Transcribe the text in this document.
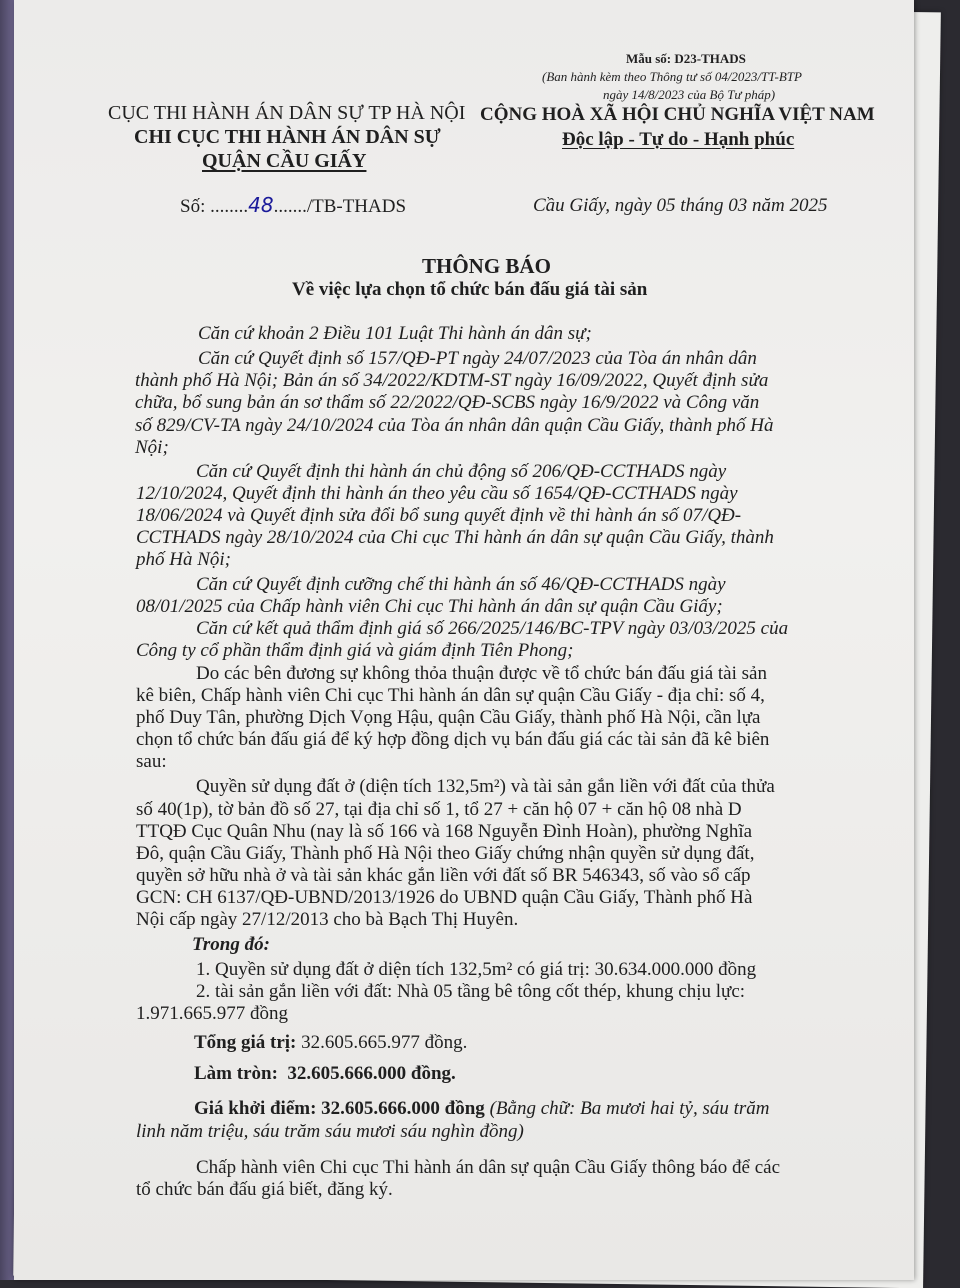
Mẫu số: D23-THADS
(Ban hành kèm theo Thông tư số 04/2023/TT-BTP
ngày 14/8/2023 của Bộ Tư pháp)
CỤC THI HÀNH ÁN DÂN SỰ TP HÀ NỘI
CHI CỤC THI HÀNH ÁN DÂN SỰ
QUẬN CẦU GIẤY
CỘNG HOÀ XÃ HỘI CHỦ NGHĨA VIỆT NAM
Độc lập - Tự do - Hạnh phúc
Số: ........48......./TB-THADS	Cầu Giấy, ngày 05 tháng 03 năm 2025
THÔNG BÁO
Về việc lựa chọn tổ chức bán đấu giá tài sản
Căn cứ khoản 2 Điều 101 Luật Thi hành án dân sự;
Căn cứ Quyết định số 157/QĐ-PT ngày 24/07/2023 của Tòa án nhân dân
thành phố Hà Nội; Bản án số 34/2022/KDTM-ST ngày 16/09/2022, Quyết định sửa
chữa, bổ sung bản án sơ thẩm số 22/2022/QĐ-SCBS ngày 16/9/2022 và Công văn
số 829/CV-TA ngày 24/10/2024 của Tòa án nhân dân quận Cầu Giấy, thành phố Hà
Nội;
Căn cứ Quyết định thi hành án chủ động số 206/QĐ-CCTHADS ngày
12/10/2024, Quyết định thi hành án theo yêu cầu số 1654/QĐ-CCTHADS ngày
18/06/2024 và Quyết định sửa đổi bổ sung quyết định về thi hành án số 07/QĐ-
CCTHADS ngày 28/10/2024 của Chi cục Thi hành án dân sự quận Cầu Giấy, thành
phố Hà Nội;
Căn cứ Quyết định cưỡng chế thi hành án số 46/QĐ-CCTHADS ngày
08/01/2025 của Chấp hành viên Chi cục Thi hành án dân sự quận Cầu Giấy;
Căn cứ kết quả thẩm định giá số 266/2025/146/BC-TPV ngày 03/03/2025 của
Công ty cổ phần thẩm định giá và giám định Tiên Phong;
Do các bên đương sự không thỏa thuận được về tổ chức bán đấu giá tài sản
kê biên, Chấp hành viên Chi cục Thi hành án dân sự quận Cầu Giấy - địa chỉ: số 4,
phố Duy Tân, phường Dịch Vọng Hậu, quận Cầu Giấy, thành phố Hà Nội, cần lựa
chọn tổ chức bán đấu giá để ký hợp đồng dịch vụ bán đấu giá các tài sản đã kê biên
sau:
Quyền sử dụng đất ở (diện tích 132,5m²) và tài sản gắn liền với đất của thửa
số 40(1p), tờ bản đồ số 27, tại địa chỉ số 1, tổ 27 + căn hộ 07 + căn hộ 08 nhà D
TTQĐ Cục Quân Nhu (nay là số 166 và 168 Nguyễn Đình Hoàn), phường Nghĩa
Đô, quận Cầu Giấy, Thành phố Hà Nội theo Giấy chứng nhận quyền sử dụng đất,
quyền sở hữu nhà ở và tài sản khác gắn liền với đất số BR 546343, số vào sổ cấp
GCN: CH 6137/QĐ-UBND/2013/1926 do UBND quận Cầu Giấy, Thành phố Hà
Nội cấp ngày 27/12/2013 cho bà Bạch Thị Huyên.
Trong đó:
1. Quyền sử dụng đất ở diện tích 132,5m² có giá trị: 30.634.000.000 đồng
2. tài sản gắn liền với đất: Nhà 05 tầng bê tông cốt thép, khung chịu lực:
1.971.665.977 đồng
Tổng giá trị: 32.605.665.977 đồng.
Làm tròn: 32.605.666.000 đồng.
Giá khởi điểm: 32.605.666.000 đồng (Bằng chữ: Ba mươi hai tỷ, sáu trăm
linh năm triệu, sáu trăm sáu mươi sáu nghìn đồng)
Chấp hành viên Chi cục Thi hành án dân sự quận Cầu Giấy thông báo để các
tổ chức bán đấu giá biết, đăng ký.
